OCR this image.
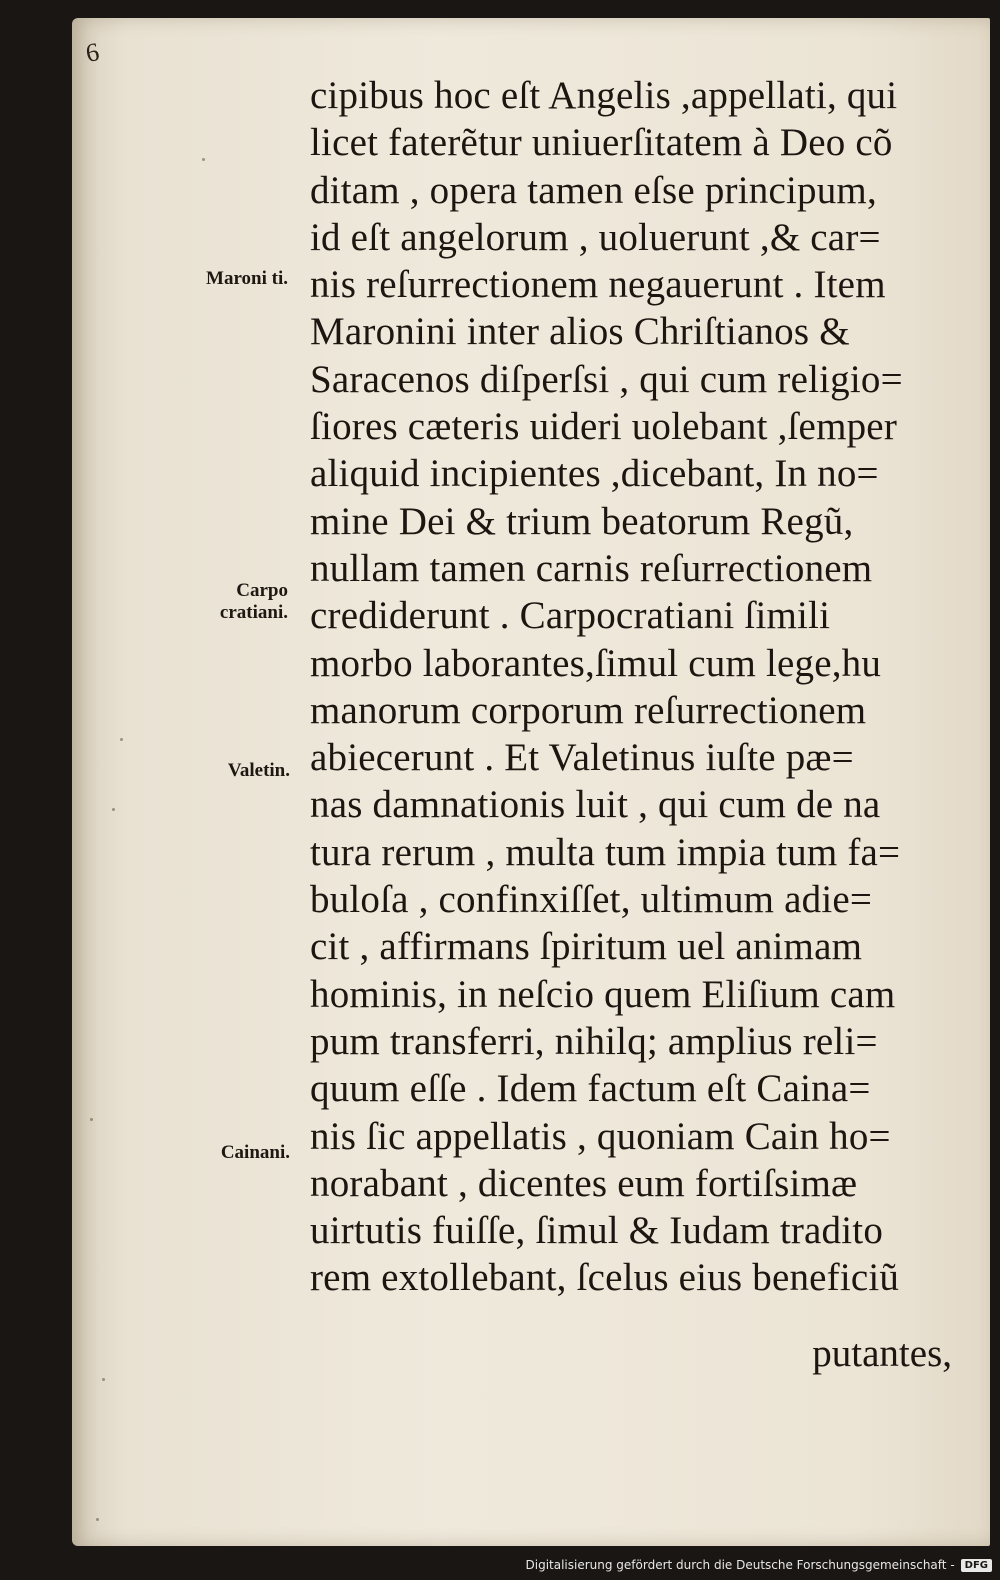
6
Maroni ti.
Carpo cratiani.
Valetin.
Cainani.
cipibus hoc eſt Angelis ,appellati, qui
licet faterẽtur uniuerſitatem à Deo cõ
ditam , opera tamen eſse principum,
id eſt angelorum , uoluerunt ,& car=
nis reſurrectionem negauerunt . Item
Maronini inter alios Chriſtianos &
Saracenos diſperſsi , qui cum religio=
ſiores cæteris uideri uolebant ,ſemper
aliquid incipientes ,dicebant, In no=
mine Dei & trium beatorum Regũ,
nullam tamen carnis reſurrectionem
crediderunt . Carpocratiani ſimili
morbo laborantes,ſimul cum lege,hu
manorum corporum reſurrectionem
abiecerunt . Et Valetinus iuſte pæ=
nas damnationis luit , qui cum de na
tura rerum , multa tum impia tum fa=
buloſa , confinxiſſet, ultimum adie=
cit , affirmans ſpiritum uel animam
hominis, in neſcio quem Eliſium cam
pum transferri, nihilq; amplius reli=
quum eſſe . Idem factum eſt Caina=
nis ſic appellatis , quoniam Cain ho=
norabant , dicentes eum fortiſsimæ
uirtutis fuiſſe, ſimul & Iudam tradito
rem extollebant, ſcelus eius beneficiũ
putantes,
Digitalisierung gefördert durch die Deutsche Forschungsgemeinschaft -	DFG
